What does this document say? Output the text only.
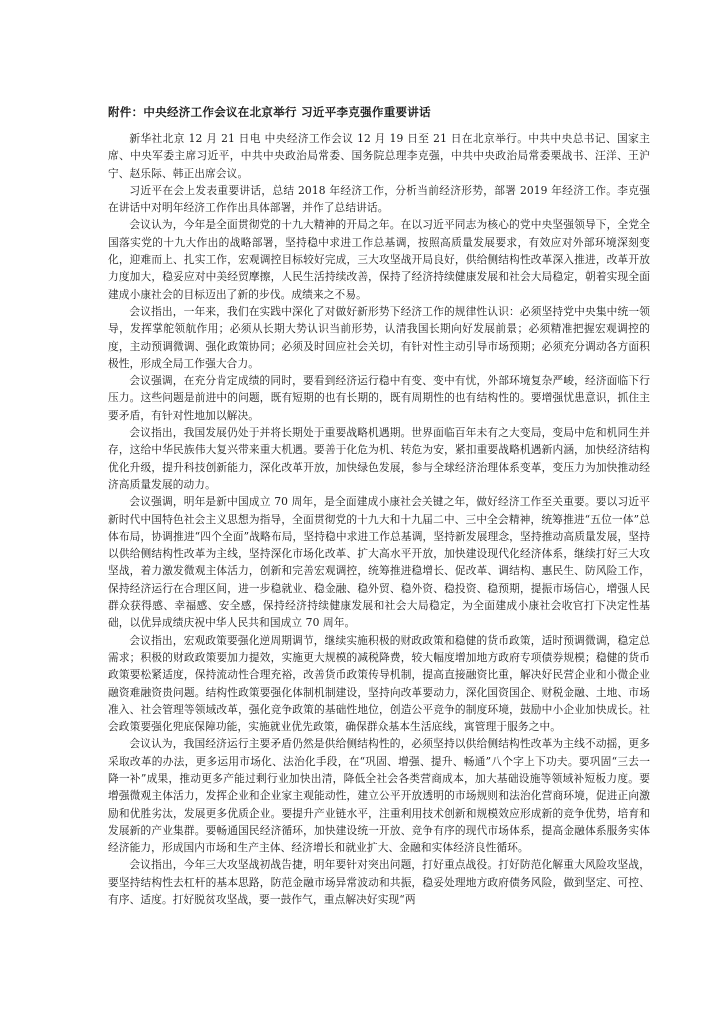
附件：中央经济工作会议在北京举行 习近平李克强作重要讲话

新华社北京 12 月 21 日电 中央经济工作会议 12 月 19 日至 21 日在北京举行。中共中央总书记、国家主席、中央军委主席习近平，中共中央政治局常委、国务院总理李克强，中共中央政治局常委栗战书、汪洋、王沪宁、赵乐际、韩正出席会议。

习近平在会上发表重要讲话，总结 2018 年经济工作，分析当前经济形势，部署 2019 年经济工作。李克强在讲话中对明年经济工作作出具体部署，并作了总结讲话。

会议认为，今年是全面贯彻党的十九大精神的开局之年。在以习近平同志为核心的党中央坚强领导下，全党全国落实党的十九大作出的战略部署，坚持稳中求进工作总基调，按照高质量发展要求，有效应对外部环境深刻变化，迎难而上、扎实工作，宏观调控目标较好完成，三大攻坚战开局良好，供给侧结构性改革深入推进，改革开放力度加大，稳妥应对中美经贸摩擦，人民生活持续改善，保持了经济持续健康发展和社会大局稳定，朝着实现全面建成小康社会的目标迈出了新的步伐。成绩来之不易。

会议指出，一年来，我们在实践中深化了对做好新形势下经济工作的规律性认识：必须坚持党中央集中统一领导，发挥掌舵领航作用；必须从长期大势认识当前形势，认清我国长期向好发展前景；必须精准把握宏观调控的度，主动预调微调、强化政策协同；必须及时回应社会关切，有针对性主动引导市场预期；必须充分调动各方面积极性，形成全局工作强大合力。

会议强调，在充分肯定成绩的同时，要看到经济运行稳中有变、变中有忧，外部环境复杂严峻，经济面临下行压力。这些问题是前进中的问题，既有短期的也有长期的，既有周期性的也有结构性的。要增强忧患意识，抓住主要矛盾，有针对性地加以解决。

会议指出，我国发展仍处于并将长期处于重要战略机遇期。世界面临百年未有之大变局，变局中危和机同生并存，这给中华民族伟大复兴带来重大机遇。要善于化危为机、转危为安，紧扣重要战略机遇新内涵，加快经济结构优化升级，提升科技创新能力，深化改革开放，加快绿色发展，参与全球经济治理体系变革，变压力为加快推动经济高质量发展的动力。

会议强调，明年是新中国成立 70 周年，是全面建成小康社会关键之年，做好经济工作至关重要。要以习近平新时代中国特色社会主义思想为指导，全面贯彻党的十九大和十九届二中、三中全会精神，统筹推进“五位一体”总体布局，协调推进“四个全面”战略布局，坚持稳中求进工作总基调，坚持新发展理念，坚持推动高质量发展，坚持以供给侧结构性改革为主线，坚持深化市场化改革、扩大高水平开放，加快建设现代化经济体系，继续打好三大攻坚战，着力激发微观主体活力，创新和完善宏观调控，统筹推进稳增长、促改革、调结构、惠民生、防风险工作，保持经济运行在合理区间，进一步稳就业、稳金融、稳外贸、稳外资、稳投资、稳预期，提振市场信心，增强人民群众获得感、幸福感、安全感，保持经济持续健康发展和社会大局稳定，为全面建成小康社会收官打下决定性基础，以优异成绩庆祝中华人民共和国成立 70 周年。

会议指出，宏观政策要强化逆周期调节，继续实施积极的财政政策和稳健的货币政策，适时预调微调，稳定总需求；积极的财政政策要加力提效，实施更大规模的减税降费，较大幅度增加地方政府专项债券规模；稳健的货币政策要松紧适度，保持流动性合理充裕，改善货币政策传导机制，提高直接融资比重，解决好民营企业和小微企业融资难融资贵问题。结构性政策要强化体制机制建设，坚持向改革要动力，深化国资国企、财税金融、土地、市场准入、社会管理等领域改革，强化竞争政策的基础性地位，创造公平竞争的制度环境，鼓励中小企业加快成长。社会政策要强化兜底保障功能，实施就业优先政策，确保群众基本生活底线，寓管理于服务之中。

会议认为，我国经济运行主要矛盾仍然是供给侧结构性的，必须坚持以供给侧结构性改革为主线不动摇，更多采取改革的办法，更多运用市场化、法治化手段，在“巩固、增强、提升、畅通”八个字上下功夫。要巩固“三去一降一补”成果，推动更多产能过剩行业加快出清，降低全社会各类营商成本，加大基础设施等领域补短板力度。要增强微观主体活力，发挥企业和企业家主观能动性，建立公平开放透明的市场规则和法治化营商环境，促进正向激励和优胜劣汰，发展更多优质企业。要提升产业链水平，注重利用技术创新和规模效应形成新的竞争优势，培育和发展新的产业集群。要畅通国民经济循环，加快建设统一开放、竞争有序的现代市场体系，提高金融体系服务实体经济能力，形成国内市场和生产主体、经济增长和就业扩大、金融和实体经济良性循环。

会议指出，今年三大攻坚战初战告捷，明年要针对突出问题，打好重点战役。打好防范化解重大风险攻坚战，要坚持结构性去杠杆的基本思路，防范金融市场异常波动和共振，稳妥处理地方政府债务风险，做到坚定、可控、有序、适度。打好脱贫攻坚战，要一鼓作气，重点解决好实现“两
